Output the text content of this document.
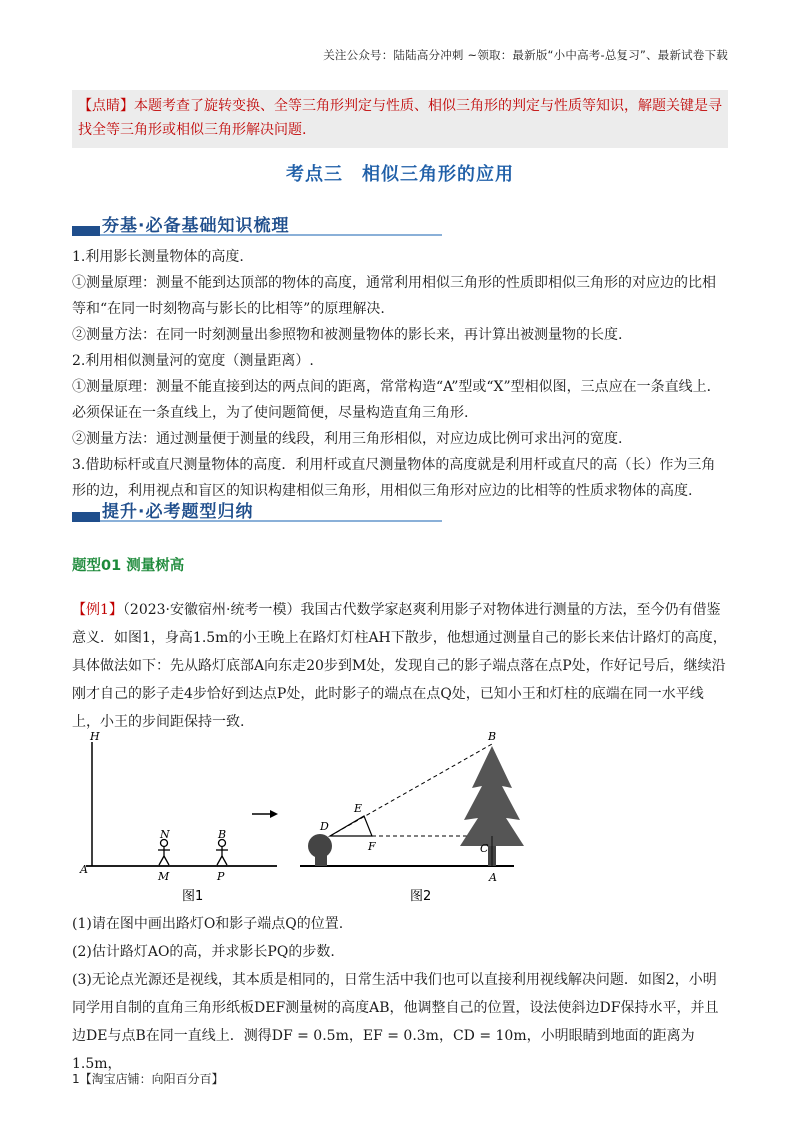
关注公众号：陆陆高分冲刺 ~领取：最新版“小中高考-总复习”、最新试卷下载
【点睛】本题考查了旋转变换、全等三角形判定与性质、相似三角形的判定与性质等知识，解题关键是寻找全等三角形或相似三角形解决问题.
考点三　相似三角形的应用
夯基·必备基础知识梳理

1.利用影长测量物体的高度.

①测量原理：测量不能到达顶部的物体的高度，通常利用相似三角形的性质即相似三角形的对应边的比相等和“在同一时刻物高与影长的比相等”的原理解决.

②测量方法：在同一时刻测量出参照物和被测量物体的影长来，再计算出被测量物的长度.

2.利用相似测量河的宽度（测量距离）.

①测量原理：测量不能直接到达的两点间的距离，常常构造“A”型或“X”型相似图，三点应在一条直线上．必须保证在一条直线上，为了使问题简便，尽量构造直角三角形.

②测量方法：通过测量便于测量的线段，利用三角形相似，对应边成比例可求出河的宽度.

3.借助标杆或直尺测量物体的高度．利用杆或直尺测量物体的高度就是利用杆或直尺的高（长）作为三角形的边，利用视点和盲区的知识构建相似三角形，用相似三角形对应边的比相等的性质求物体的高度.

提升·必考题型归纳
题型01 测量树高
【例1】（2023·安徽宿州·统考一模）我国古代数学家赵爽利用影子对物体进行测量的方法，至今仍有借鉴意义．如图1，身高1.5m的小王晚上在路灯灯柱AH下散步，他想通过测量自己的影长来估计路灯的高度，具体做法如下：先从路灯底部A向东走20步到M处，发现自己的影子端点落在点P处，作好记号后，继续沿刚才自己的影子走4步恰好到达点P处，此时影子的端点在点Q处，已知小王和灯柱的底端在同一水平线上，小王的步间距保持一致.
H
A
N
M
B
P
图1
B
E
D
F	C
A
图2
(1)请在图中画出路灯O和影子端点Q的位置.
(2)估计路灯AO的高，并求影长PQ的步数.
(3)无论点光源还是视线，其本质是相同的，日常生活中我们也可以直接利用视线解决问题．如图2，小明同学用自制的直角三角形纸板DEF测量树的高度AB，他调整自己的位置，设法使斜边DF保持水平，并且边DE与点B在同一直线上．测得DF = 0.5m，EF = 0.3m，CD = 10m，小明眼睛到地面的距离为1.5m，
1【淘宝店铺：向阳百分百】
